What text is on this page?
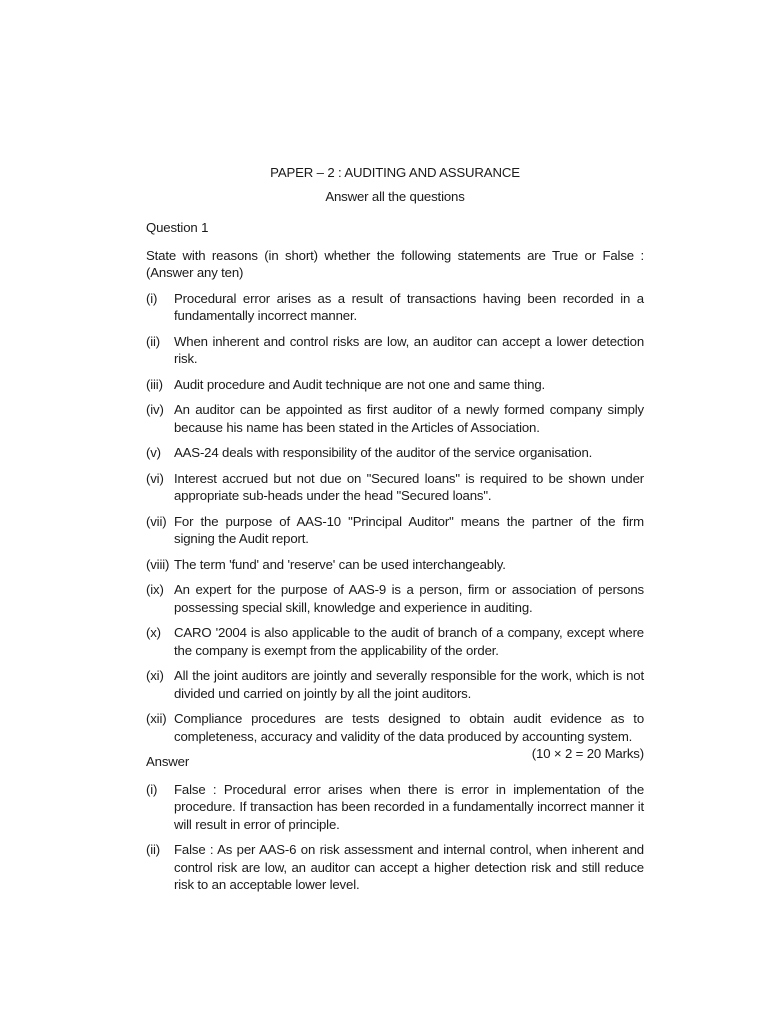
PAPER – 2 : AUDITING AND ASSURANCE
Answer all the questions
Question 1
State with reasons (in short) whether the following statements are True or False :(Answer any ten)
(i) Procedural error arises as a result of transactions having been recorded in a fundamentally incorrect manner.
(ii) When inherent and control risks are low, an auditor can accept a lower detection risk.
(iii) Audit procedure and Audit technique are not one and same thing.
(iv) An auditor can be appointed as first auditor of a newly formed company simply because his name has been stated in the Articles of Association.
(v) AAS-24 deals with responsibility of the auditor of the service organisation.
(vi) Interest accrued but not due on "Secured loans" is required to be shown under appropriate sub-heads under the head "Secured loans".
(vii) For the purpose of AAS-10 "Principal Auditor" means the partner of the firm signing the Audit report.
(viii) The term 'fund' and 'reserve' can be used interchangeably.
(ix) An expert for the purpose of AAS-9 is a person, firm or association of persons possessing special skill, knowledge and experience in auditing.
(x) CARO '2004 is also applicable to the audit of branch of a company, except where the company is exempt from the applicability of the order.
(xi) All the joint auditors are jointly and severally responsible for the work, which is not divided und carried on jointly by all the joint auditors.
(xii) Compliance procedures are tests designed to obtain audit evidence as to completeness, accuracy and validity of the data produced by accounting system.
(10 × 2 = 20 Marks)
Answer
(i) False : Procedural error arises when there is error in implementation of the procedure. If transaction has been recorded in a fundamentally incorrect manner it will result in error of principle.
(ii) False : As per AAS-6 on risk assessment and internal control, when inherent and control risk are low, an auditor can accept a higher detection risk and still reduce risk to an acceptable lower level.
